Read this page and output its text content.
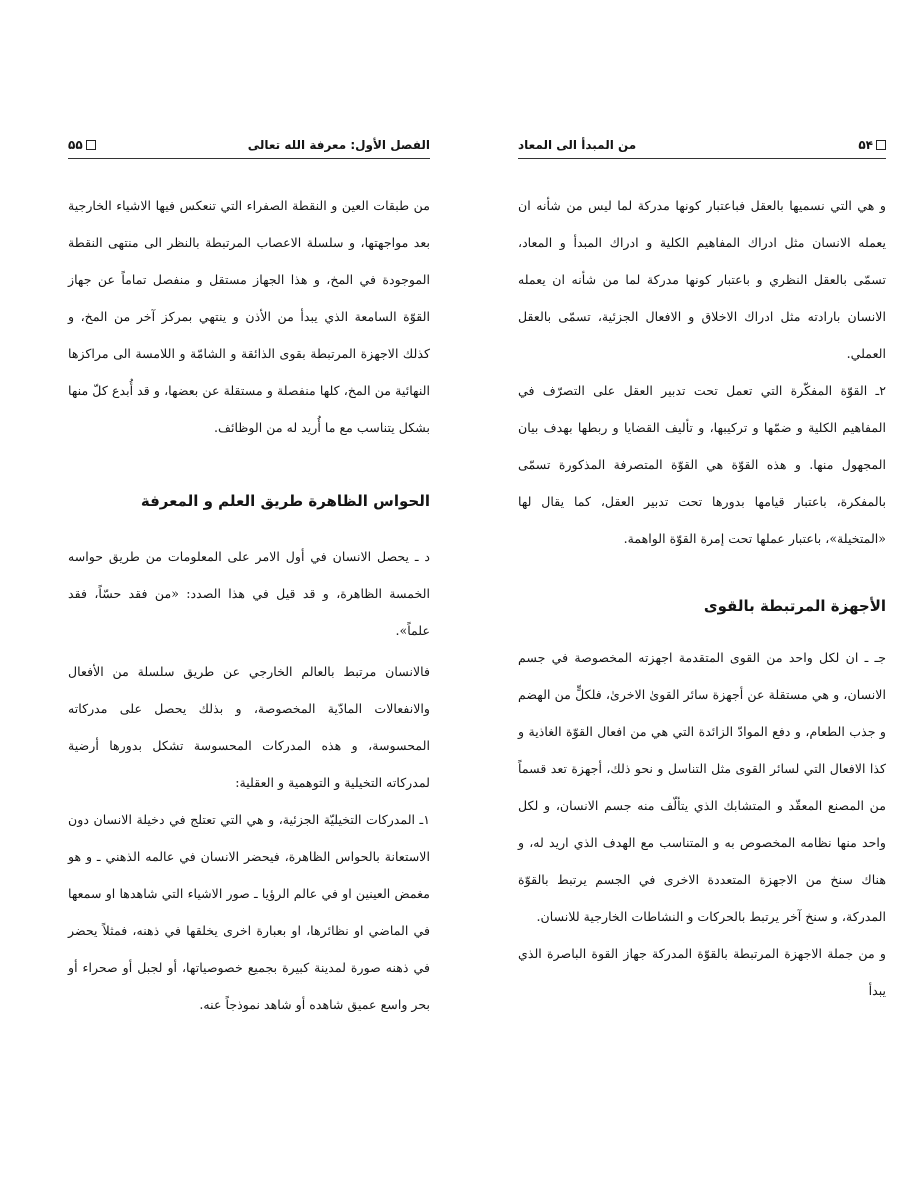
۵۵	الفصل الأول: معرفة الله تعالى

من طبقات العين و النقطة الصفراء التي تنعكس فيها الاشياء الخارجية بعد مواجهتها، و سلسلة الاعصاب المرتبطة بالنظر الى منتهى النقطة الموجودة في المخ، و هذا الجهاز مستقل و منفصل تماماً عن جهاز القوّة السامعة الذي يبدأ من الأذن و ينتهي بمركز آخر من المخ، و كذلك الاجهزة المرتبطة بقوى الذائقة و الشامّة و اللامسة الى مراكزها النهائية من المخ، كلها منفصلة و مستقلة عن بعضها، و قد أُبدع كلّ منها بشكل يتناسب مع ما أُريد له من الوظائف.

الحواس الظاهرة طريق العلم و المعرفة

د ـ يحصل الانسان في أول الامر على المعلومات من طريق حواسه الخمسة الظاهرة، و قد قيل في هذا الصدد: «من فقد حسّاً، فقد علماً».

فالانسان مرتبط بالعالم الخارجي عن طريق سلسلة من الأفعال والانفعالات المادّية المخصوصة، و بذلك يحصل على مدركاته المحسوسة، و هذه المدركات المحسوسة تشكل بدورها أرضية لمدركاته التخيلية و التوهمية و العقلية:

١ـ المدركات التخيليّة الجزئية، و هي التي تعتلج في دخيلة الانسان دون الاستعانة بالحواس الظاهرة، فيحضر الانسان في عالمه الذهني ـ و هو مغمض العينين او في عالم الرؤيا ـ صور الاشياء التي شاهدها او سمعها في الماضي او نظائرها، او بعبارة اخرى يخلقها في ذهنه، فمثلاً يحضر في ذهنه صورة لمدينة كبيرة بجميع خصوصياتها، أو لجبل أو صحراء أو بحر واسع عميق شاهده أو شاهد نموذجاً عنه.

۵۴
من المبدأ الى المعاد

و هي التي نسميها بالعقل فباعتبار كونها مدركة لما ليس من شأنه ان يعمله الانسان مثل ادراك المفاهيم الكلية و ادراك المبدأ و المعاد، تسمّى بالعقل النظري و باعتبار كونها مدركة لما من شأنه ان يعمله الانسان بارادته مثل ادراك الاخلاق و الافعال الجزئية، تسمّى بالعقل العملي.

٢ـ القوّة المفكّرة التي تعمل تحت تدبير العقل على التصرّف في المفاهيم الكلية و ضمّها و تركيبها، و تأليف القضايا و ربطها بهدف بيان المجهول منها. و هذه القوّة هي القوّة المتصرفة المذكورة تسمّى بالمفكرة، باعتبار قيامها بدورها تحت تدبير العقل، كما يقال لها «المتخيلة»، باعتبار عملها تحت إمرة القوّة الواهمة.

الأجهزة المرتبطة بالقوى

جـ ـ ان لكل واحد من القوى المتقدمة اجهزته المخصوصة في جسم الانسان، و هي مستقلة عن أجهزة سائر القوىٰ الاخرىٰ، فلكلٍّ من الهضم و جذب الطعام، و دفع الموادّ الزائدة التي هي من افعال القوّة الغاذية و كذا الافعال التي لسائر القوى مثل التناسل و نحو ذلك، أجهزة تعد قسماً من المصنع المعقّد و المتشابك الذي يتألّف منه جسم الانسان، و لكل واحد منها نظامه المخصوص به و المتناسب مع الهدف الذي اريد له، و هناك سنخ من الاجهزة المتعددة الاخرى في الجسم يرتبط بالقوّة المدركة، و سنخ آخر يرتبط بالحركات و النشاطات الخارجية للانسان.

و من جملة الاجهزة المرتبطة بالقوّة المدركة جهاز القوة الباصرة الذي يبدأ
